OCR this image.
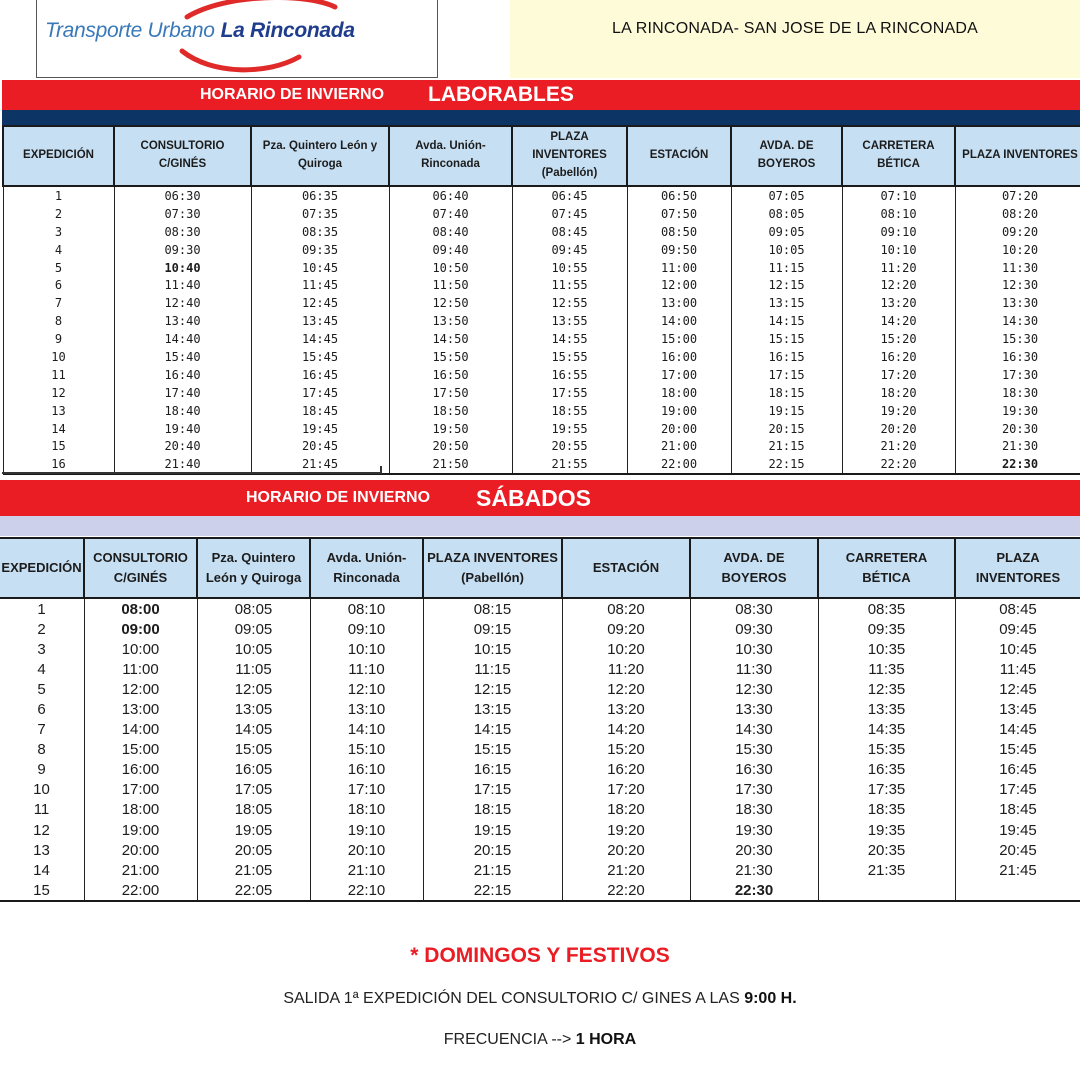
Transporte Urbano La Rinconada	LA RINCONADA- SAN JOSE DE LA RINCONADA
HORARIO DE INVIERNO LABORABLES
EXPEDICIÓN	CONSULTORIO C/GINÉS	Pza. Quintero León y Quiroga	Avda. Unión- Rinconada	PLAZA INVENTORES (Pabellón)	ESTACIÓN	AVDA. DE BOYEROS	CARRETERA BÉTICA	PLAZA INVENTORES
1	06:30	06:35	06:40	06:45	06:50	07:05	07:10	07:20
2	07:30	07:35	07:40	07:45	07:50	08:05	08:10	08:20
3	08:30	08:35	08:40	08:45	08:50	09:05	09:10	09:20
4	09:30	09:35	09:40	09:45	09:50	10:05	10:10	10:20
5	10:40	10:45	10:50	10:55	11:00	11:15	11:20	11:30
6	11:40	11:45	11:50	11:55	12:00	12:15	12:20	12:30
7	12:40	12:45	12:50	12:55	13:00	13:15	13:20	13:30
8	13:40	13:45	13:50	13:55	14:00	14:15	14:20	14:30
9	14:40	14:45	14:50	14:55	15:00	15:15	15:20	15:30
10	15:40	15:45	15:50	15:55	16:00	16:15	16:20	16:30
11	16:40	16:45	16:50	16:55	17:00	17:15	17:20	17:30
12	17:40	17:45	17:50	17:55	18:00	18:15	18:20	18:30
13	18:40	18:45	18:50	18:55	19:00	19:15	19:20	19:30
14	19:40	19:45	19:50	19:55	20:00	20:15	20:20	20:30
15	20:40	20:45	20:50	20:55	21:00	21:15	21:20	21:30
16	21:40	21:45	21:50	21:55	22:00	22:15	22:20	22:30
HORARIO DE INVIERNO SÁBADOS
EXPEDICIÓN	CONSULTORIO C/GINÉS	Pza. Quintero León y Quiroga	Avda. Unión- Rinconada	PLAZA INVENTORES (Pabellón)	ESTACIÓN	AVDA. DE BOYEROS	CARRETERA BÉTICA	PLAZA INVENTORES
1	08:00	08:05	08:10	08:15	08:20	08:30	08:35	08:45
2	09:00	09:05	09:10	09:15	09:20	09:30	09:35	09:45
3	10:00	10:05	10:10	10:15	10:20	10:30	10:35	10:45
4	11:00	11:05	11:10	11:15	11:20	11:30	11:35	11:45
5	12:00	12:05	12:10	12:15	12:20	12:30	12:35	12:45
6	13:00	13:05	13:10	13:15	13:20	13:30	13:35	13:45
7	14:00	14:05	14:10	14:15	14:20	14:30	14:35	14:45
8	15:00	15:05	15:10	15:15	15:20	15:30	15:35	15:45
9	16:00	16:05	16:10	16:15	16:20	16:30	16:35	16:45
10	17:00	17:05	17:10	17:15	17:20	17:30	17:35	17:45
11	18:00	18:05	18:10	18:15	18:20	18:30	18:35	18:45
12	19:00	19:05	19:10	19:15	19:20	19:30	19:35	19:45
13	20:00	20:05	20:10	20:15	20:20	20:30	20:35	20:45
14	21:00	21:05	21:10	21:15	21:20	21:30	21:35	21:45
15	22:00	22:05	22:10	22:15	22:20	22:30		
* DOMINGOS Y FESTIVOS
SALIDA 1ª EXPEDICIÓN DEL CONSULTORIO C/ GINES A LAS 9:00 H.
FRECUENCIA --> 1 HORA
